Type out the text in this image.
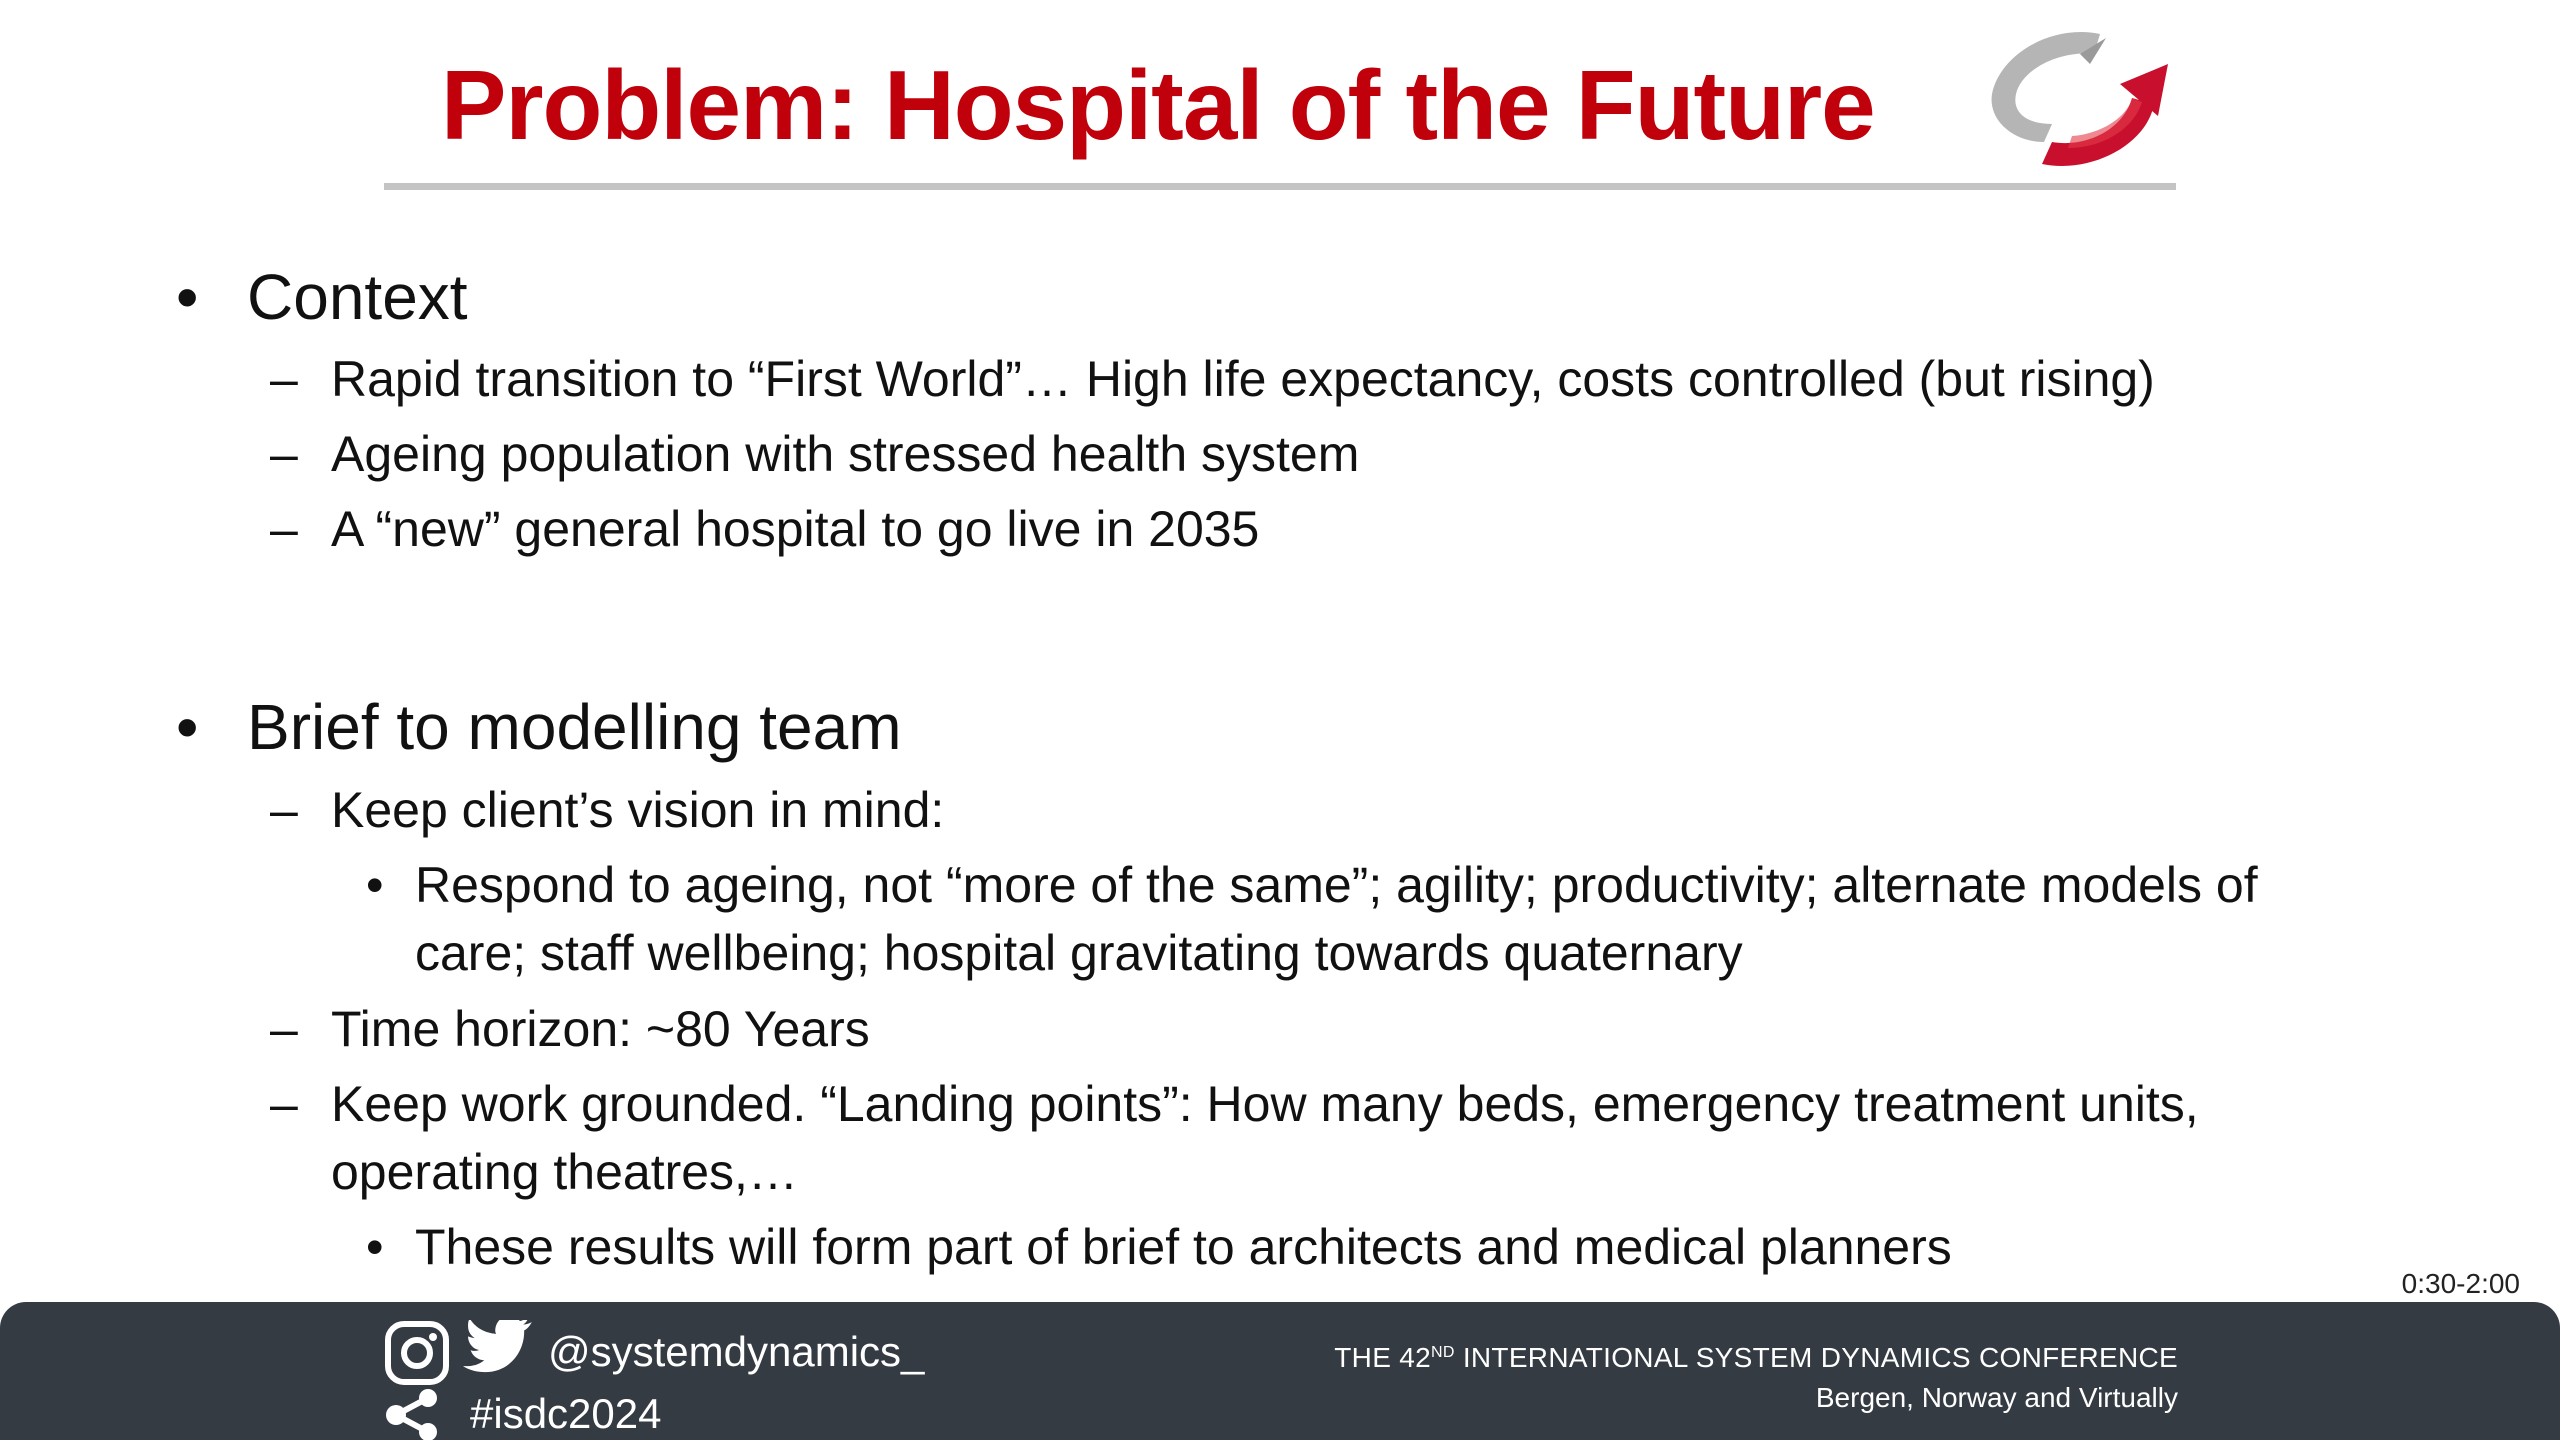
Problem: Hospital of the Future
• Context
– Rapid transition to “First World”… High life expectancy, costs controlled (but rising)
– Ageing population with stressed health system
– A “new” general hospital to go live in 2035
• Brief to modelling team
– Keep client’s vision in mind:
• Respond to ageing, not “more of the same”; agility; productivity; alternate models of
care; staff wellbeing; hospital gravitating towards quaternary
– Time horizon: ~80 Years
– Keep work grounded. “Landing points”: How many beds, emergency treatment units,
operating theatres,…
• These results will form part of brief to architects and medical planners
0:30-2:00
@systemdynamics_
#isdc2024
THE 42ND INTERNATIONAL SYSTEM DYNAMICS CONFERENCE
Bergen, Norway and Virtually
